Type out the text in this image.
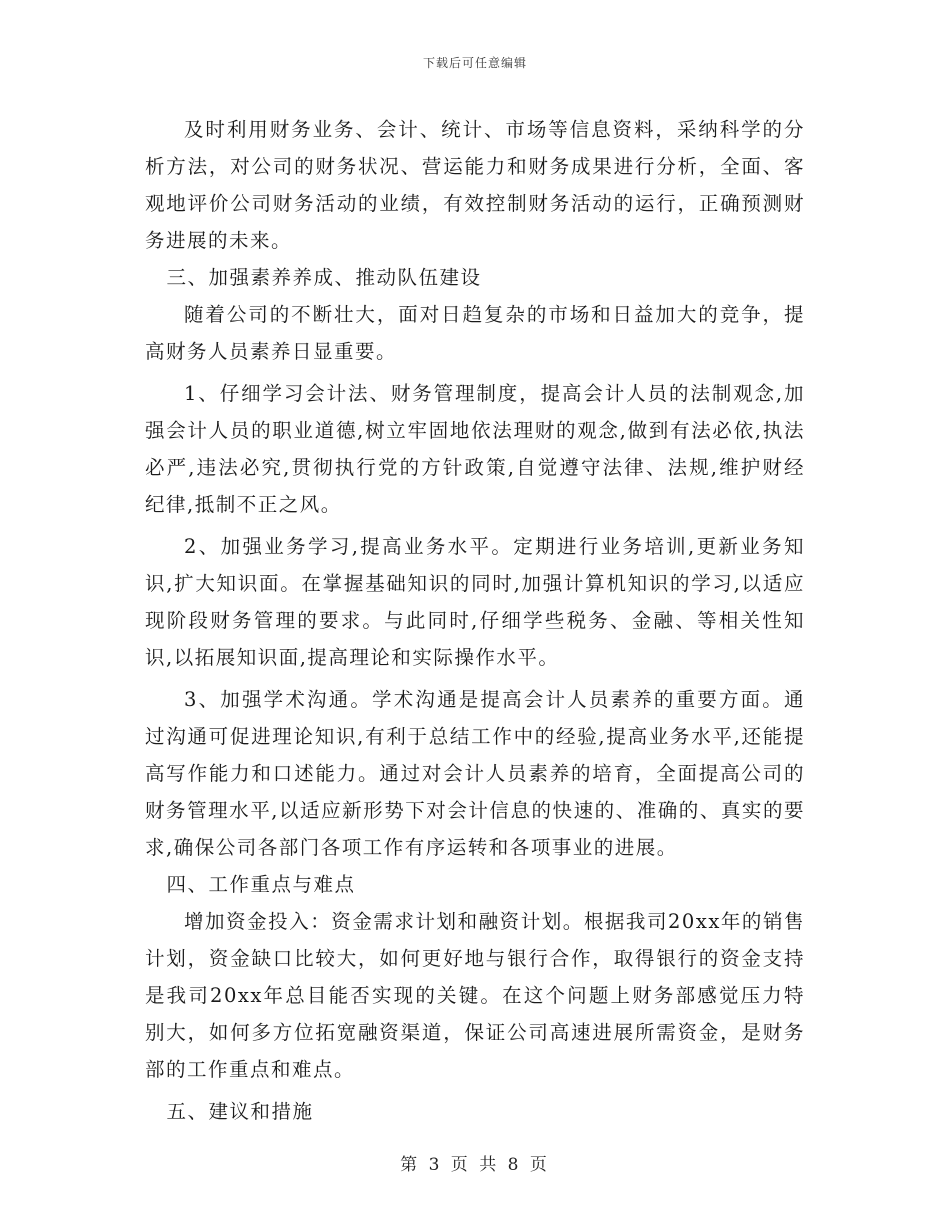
下载后可任意编辑

及时利用财务业务、会计、统计、市场等信息资料，采纳科学的分析方法，对公司的财务状况、营运能力和财务成果进行分析，全面、客观地评价公司财务活动的业绩，有效控制财务活动的运行，正确预测财务进展的未来。

三、加强素养养成、推动队伍建设

随着公司的不断壮大，面对日趋复杂的市场和日益加大的竞争，提高财务人员素养日显重要。

1、仔细学习会计法、财务管理制度，提高会计人员的法制观念,加强会计人员的职业道德,树立牢固地依法理财的观念,做到有法必依,执法必严,违法必究,贯彻执行党的方针政策,自觉遵守法律、法规,维护财经纪律,抵制不正之风。

2、加强业务学习,提高业务水平。定期进行业务培训,更新业务知识,扩大知识面。在掌握基础知识的同时,加强计算机知识的学习,以适应现阶段财务管理的要求。与此同时,仔细学些税务、金融、等相关性知识,以拓展知识面,提高理论和实际操作水平。

3、加强学术沟通。学术沟通是提高会计人员素养的重要方面。通过沟通可促进理论知识,有利于总结工作中的经验,提高业务水平,还能提高写作能力和口述能力。通过对会计人员素养的培育，全面提高公司的财务管理水平,以适应新形势下对会计信息的快速的、准确的、真实的要求,确保公司各部门各项工作有序运转和各项事业的进展。

四、工作重点与难点

增加资金投入：资金需求计划和融资计划。根据我司20xx年的销售计划，资金缺口比较大，如何更好地与银行合作，取得银行的资金支持是我司20xx年总目能否实现的关键。在这个问题上财务部感觉压力特别大，如何多方位拓宽融资渠道，保证公司高速进展所需资金，是财务部的工作重点和难点。

五、建议和措施

第 3 页 共 8 页
